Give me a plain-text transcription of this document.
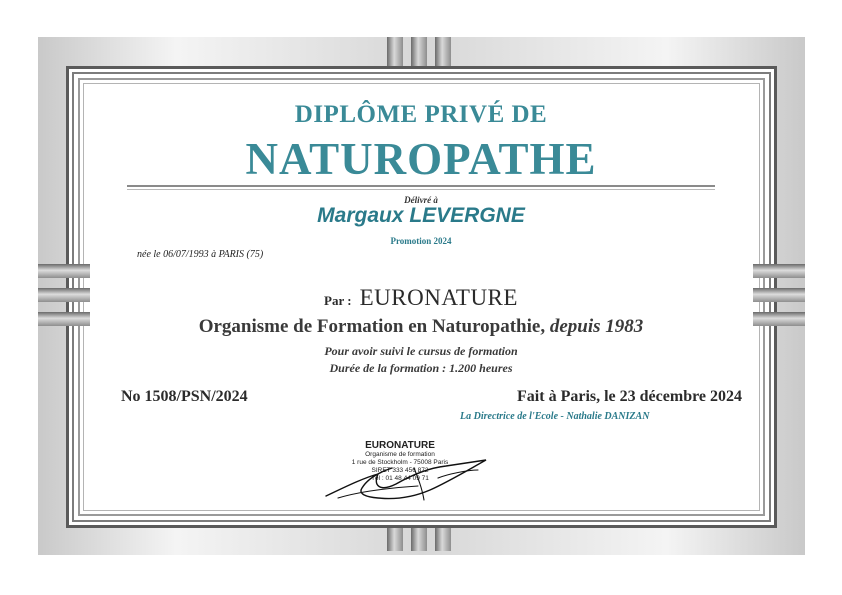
DIPLÔME PRIVÉ DE
NATUROPATHE
Délivré à
Margaux LEVERGNE
Promotion 2024
née le 06/07/1993 à PARIS (75)
Par : EURONATURE
Organisme de Formation en Naturopathie, depuis 1983
Pour avoir suivi le cursus de formation
Durée de la formation : 1.200 heures
No 1508/PSN/2024	Fait à Paris, le 23 décembre 2024
La Directrice de l'Ecole - Nathalie DANIZAN
EURONATURE
Organisme de formation
1 rue de Stockholm - 75008 Paris
SIRET 333 456 872
Tél : 01 48 44 09 71
